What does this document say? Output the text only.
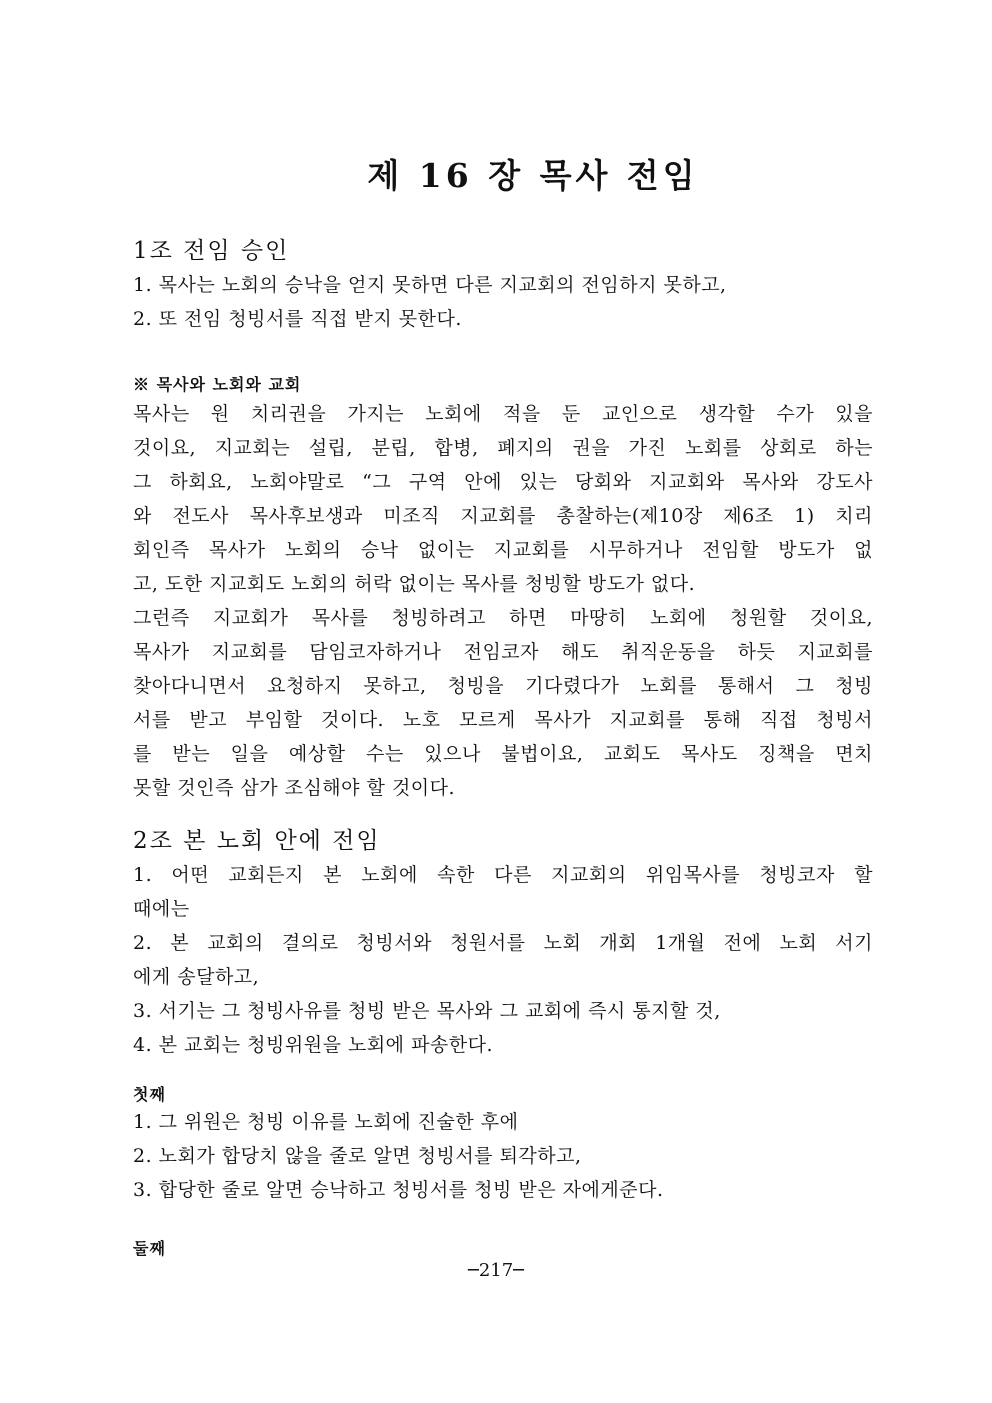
제 16 장 목사 전임
1조 전임 승인
1. 목사는 노회의 승낙을 얻지 못하면 다른 지교회의 전임하지 못하고,
2. 또 전임 청빙서를 직접 받지 못한다.
※ 목사와 노회와 교회
목사는 원 치리권을 가지는 노회에 적을 둔 교인으로 생각할 수가 있을
것이요, 지교회는 설립, 분립, 합병, 폐지의 권을 가진 노회를 상회로 하는
그 하회요, 노회야말로 “그 구역 안에 있는 당회와 지교회와 목사와 강도사
와 전도사 목사후보생과 미조직 지교회를 총찰하는(제10장 제6조 1) 치리
회인즉 목사가 노회의 승낙 없이는 지교회를 시무하거나 전임할 방도가 없
고, 도한 지교회도 노회의 허락 없이는 목사를 청빙할 방도가 없다.
그런즉 지교회가 목사를 청빙하려고 하면 마땅히 노회에 청원할 것이요,
목사가 지교회를 담임코자하거나 전임코자 해도 취직운동을 하듯 지교회를
찾아다니면서 요청하지 못하고, 청빙을 기다렸다가 노회를 통해서 그 청빙
서를 받고 부임할 것이다. 노호 모르게 목사가 지교회를 통해 직접 청빙서
를 받는 일을 예상할 수는 있으나 불법이요, 교회도 목사도 징책을 면치
못할 것인즉 삼가 조심해야 할 것이다.
2조 본 노회 안에 전임
1. 어떤 교회든지 본 노회에 속한 다른 지교회의 위임목사를 청빙코자 할
때에는
2. 본 교회의 결의로 청빙서와 청원서를 노회 개회 1개월 전에 노회 서기
에게 송달하고,
3. 서기는 그 청빙사유를 청빙 받은 목사와 그 교회에 즉시 통지할 것,
4. 본 교회는 청빙위원을 노회에 파송한다.
첫째
1. 그 위원은 청빙 이유를 노회에 진술한 후에
2. 노회가 합당치 않을 줄로 알면 청빙서를 퇴각하고,
3. 합당한 줄로 알면 승낙하고 청빙서를 청빙 받은 자에게준다.
둘째
─217─
